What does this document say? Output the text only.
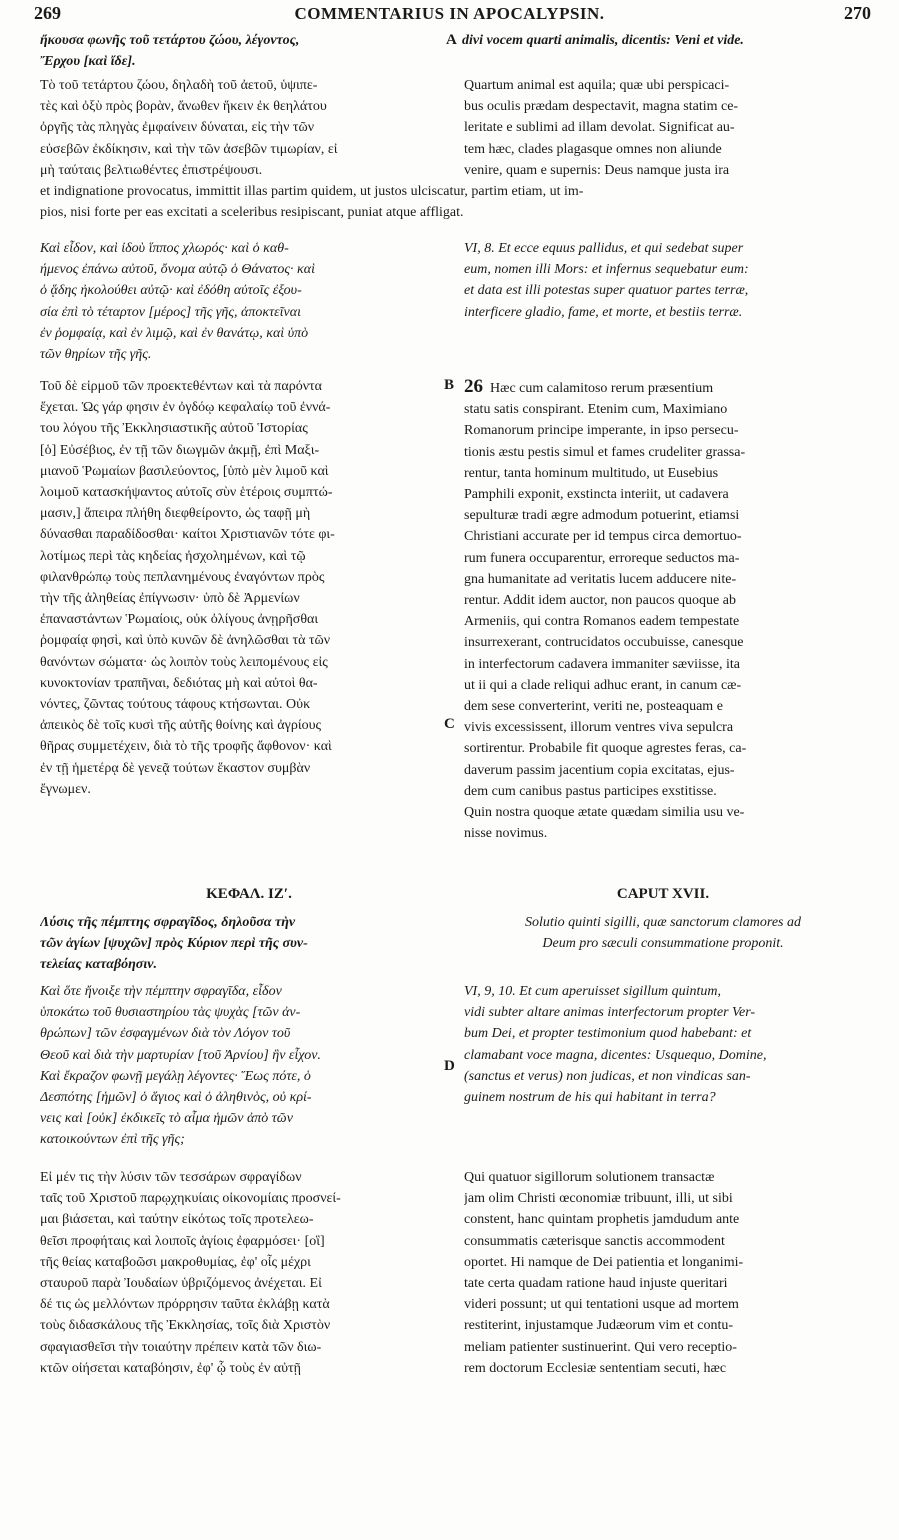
269	COMMENTARIUS IN APOCALYPSIN.	270

ἤκουσα φωνῆς τοῦ τετάρτου ζώου, λέγοντος,

Ἔρχου [καὶ ἴδε].

A divi vocem quarti animalis, dicentis: Veni et vide.

Τὸ τοῦ τετάρτου ζώου, δηλαδὴ τοῦ ἀετοῦ, ὑψιπε-

τὲς καὶ ὀξὺ πρὸς βορὰν, ἄνωθεν ἥκειν ἐκ θεηλάτου

ὀργῆς τὰς πληγὰς ἐμφαίνειν δύναται, εἰς τὴν τῶν

εὐσεβῶν ἐκδίκησιν, καὶ τὴν τῶν ἀσεβῶν τιμωρίαν, εἰ

μὴ ταύταις βελτιωθέντες ἐπιστρέψουσι.

Quartum animal est aquila; quæ ubi perspicaci-

bus oculis prædam despectavit, magna statim ce-

leritate e sublimi ad illam devolat. Significat au-

tem hæc, clades plagasque omnes non aliunde

venire, quam e supernis: Deus namque justa ira

et indignatione provocatus, immittit illas partim quidem, ut justos ulciscatur, partim etiam, ut im-

pios, nisi forte per eas excitati a sceleribus resipiscant, puniat atque affligat.

Καὶ εἶδον, καὶ ἰδοὺ ἵππος χλωρός· καὶ ὁ καθ-

ήμενος ἐπάνω αὐτοῦ, ὄνομα αὐτῷ ὁ Θάνατος· καὶ

ὁ ᾅδης ἠκολούθει αὐτῷ· καὶ ἐδόθη αὐτοῖς ἐξου-

σία ἐπὶ τὸ τέταρτον [μέρος] τῆς γῆς, ἀποκτεῖναι

ἐν ῥομφαίᾳ, καὶ ἐν λιμῷ, καὶ ἐν θανάτῳ, καὶ ὑπὸ

τῶν θηρίων τῆς γῆς.

VI, 8. Et ecce equus pallidus, et qui sedebat super

eum, nomen illi Mors: et infernus sequebatur eum:

et data est illi potestas super quatuor partes terræ,

interficere gladio, fame, et morte, et bestiis terræ.

B

Τοῦ δὲ εἱρμοῦ τῶν προεκτεθέντων καὶ τὰ παρόντα

ἔχεται. Ὡς γάρ φησιν ἐν ὀγδόῳ κεφαλαίῳ τοῦ ἐννά-

του λόγου τῆς Ἐκκλησιαστικῆς αὐτοῦ Ἱστορίας

[ὁ] Εὐσέβιος, ἐν τῇ τῶν διωγμῶν ἀκμῇ, ἐπὶ Μαξι-

μιανοῦ Ῥωμαίων βασιλεύοντος, [ὑπὸ μὲν λιμοῦ καὶ

λοιμοῦ κατασκήψαντος αὐτοῖς σὺν ἑτέροις συμπτώ-

μασιν,] ἄπειρα πλήθη διεφθείροντο, ὡς ταφῇ μὴ

δύνασθαι παραδίδοσθαι· καίτοι Χριστιανῶν τότε φι-

λοτίμως περὶ τὰς κηδείας ἠσχολημένων, καὶ τῷ

φιλανθρώπῳ τοὺς πεπλανημένους ἐναγόντων πρὸς

τὴν τῆς ἀληθείας ἐπίγνωσιν· ὑπὸ δὲ Ἀρμενίων

ἐπαναστάντων Ῥωμαίοις, οὐκ ὀλίγους ἀνῃρῆσθαι

ῥομφαίᾳ φησὶ, καὶ ὑπὸ κυνῶν δὲ ἀνηλῶσθαι τὰ τῶν

θανόντων σώματα· ὡς λοιπὸν τοὺς λειπομένους εἰς

κυνοκτονίαν τραπῆναι, δεδιότας μὴ καὶ αὐτοὶ θα-

νόντες, ζῶντας τούτους τάφους κτήσωνται. Οὐκ

ἀπεικὸς δὲ τοῖς κυσὶ τῆς αὐτῆς θοίνης καὶ ἀγρίους

θῆρας συμμετέχειν, διὰ τὸ τῆς τροφῆς ἄφθονον· καὶ

ἐν τῇ ἡμετέρᾳ δὲ γενεᾷ τούτων ἕκαστον συμβὰν

ἔγνωμεν.

C

26 Hæc cum calamitoso rerum præsentium

statu satis conspirant. Etenim cum, Maximiano

Romanorum principe imperante, in ipso persecu-

tionis æstu pestis simul et fames crudeliter grassa-

rentur, tanta hominum multitudo, ut Eusebius

Pamphili exponit, exstincta interiit, ut cadavera

sepulturæ tradi ægre admodum potuerint, etiamsi

Christiani accurate per id tempus circa demortuo-

rum funera occuparentur, erroreque seductos ma-

gna humanitate ad veritatis lucem adducere nite-

rentur. Addit idem auctor, non paucos quoque ab

Armeniis, qui contra Romanos eadem tempestate

insurrexerant, contrucidatos occubuisse, canesque

in interfectorum cadavera immaniter sæviisse, ita

ut ii qui a clade reliqui adhuc erant, in canum cæ-

dem sese converterint, veriti ne, posteaquam e

vivis excessissent, illorum ventres viva sepulcra

sortirentur. Probabile fit quoque agrestes feras, ca-

daverum passim jacentium copia excitatas, ejus-

dem cum canibus pastus participes exstitisse.

Quin nostra quoque ætate quædam similia usu ve-

nisse novimus.

ΚΕΦΑΛ. ΙΖʹ.	CAPUT XVII.

Λύσις τῆς πέμπτης σφραγῖδος, δηλοῦσα τὴν

τῶν ἁγίων [ψυχῶν] πρὸς Κύριον περὶ τῆς συν-

τελείας καταβόησιν.

Solutio quinti sigilli, quæ sanctorum clamores ad

Deum pro sæculi consummatione proponit.

Καὶ ὅτε ἤνοιξε τὴν πέμπτην σφραγῖδα, εἶδον

ὑποκάτω τοῦ θυσιαστηρίου τὰς ψυχὰς [τῶν ἀν-

θρώπων] τῶν ἐσφαγμένων διὰ τὸν Λόγον τοῦ

Θεοῦ καὶ διὰ τὴν μαρτυρίαν [τοῦ Ἀρνίου] ἣν εἶχον.

Καὶ ἔκραζον φωνῇ μεγάλῃ λέγοντες· Ἕως πότε, ὁ

Δεσπότης [ἡμῶν] ὁ ἅγιος καὶ ὁ ἀληθινὸς, οὐ κρί-

νεις καὶ [οὐκ] ἐκδικεῖς τὸ αἷμα ἡμῶν ἀπὸ τῶν

κατοικούντων ἐπὶ τῆς γῆς;

D

VI, 9, 10. Et cum aperuisset sigillum quintum,

vidi subter altare animas interfectorum propter Ver-

bum Dei, et propter testimonium quod habebant: et

clamabant voce magna, dicentes: Usquequo, Domine,

(sanctus et verus) non judicas, et non vindicas san-

guinem nostrum de his qui habitant in terra?

Εἰ μέν τις τὴν λύσιν τῶν τεσσάρων σφραγίδων

ταῖς τοῦ Χριστοῦ παρῳχηκυίαις οἰκονομίαις προσνεί-

μαι βιάσεται, καὶ ταύτην εἰκότως τοῖς προτελεω-

θεῖσι προφήταις καὶ λοιποῖς ἁγίοις ἐφαρμόσει· [οἳ]

τῆς θείας καταβοῶσι μακροθυμίας, ἐφ' οἷς μέχρι

σταυροῦ παρὰ Ἰουδαίων ὑβριζόμενος ἀνέχεται. Εἰ

δέ τις ὡς μελλόντων πρόρρησιν ταῦτα ἐκλάβῃ κατὰ

τοὺς διδασκάλους τῆς Ἐκκλησίας, τοῖς διὰ Χριστὸν

σφαγιασθεῖσι τὴν τοιαύτην πρέπειν κατὰ τῶν διω-

κτῶν οἰήσεται καταβόησιν, ἐφ' ᾧ τοὺς ἐν αὐτῇ

Qui quatuor sigillorum solutionem transactæ

jam olim Christi œconomiæ tribuunt, illi, ut sibi

constent, hanc quintam prophetis jamdudum ante

consummatis cæterisque sanctis accommodent

oportet. Hi namque de Dei patientia et longanimi-

tate certa quadam ratione haud injuste queritari

videri possunt; ut qui tentationi usque ad mortem

restiterint, injustamque Judæorum vim et contu-

meliam patienter sustinuerint. Qui vero receptio-

rem doctorum Ecclesiæ sententiam secuti, hæc
